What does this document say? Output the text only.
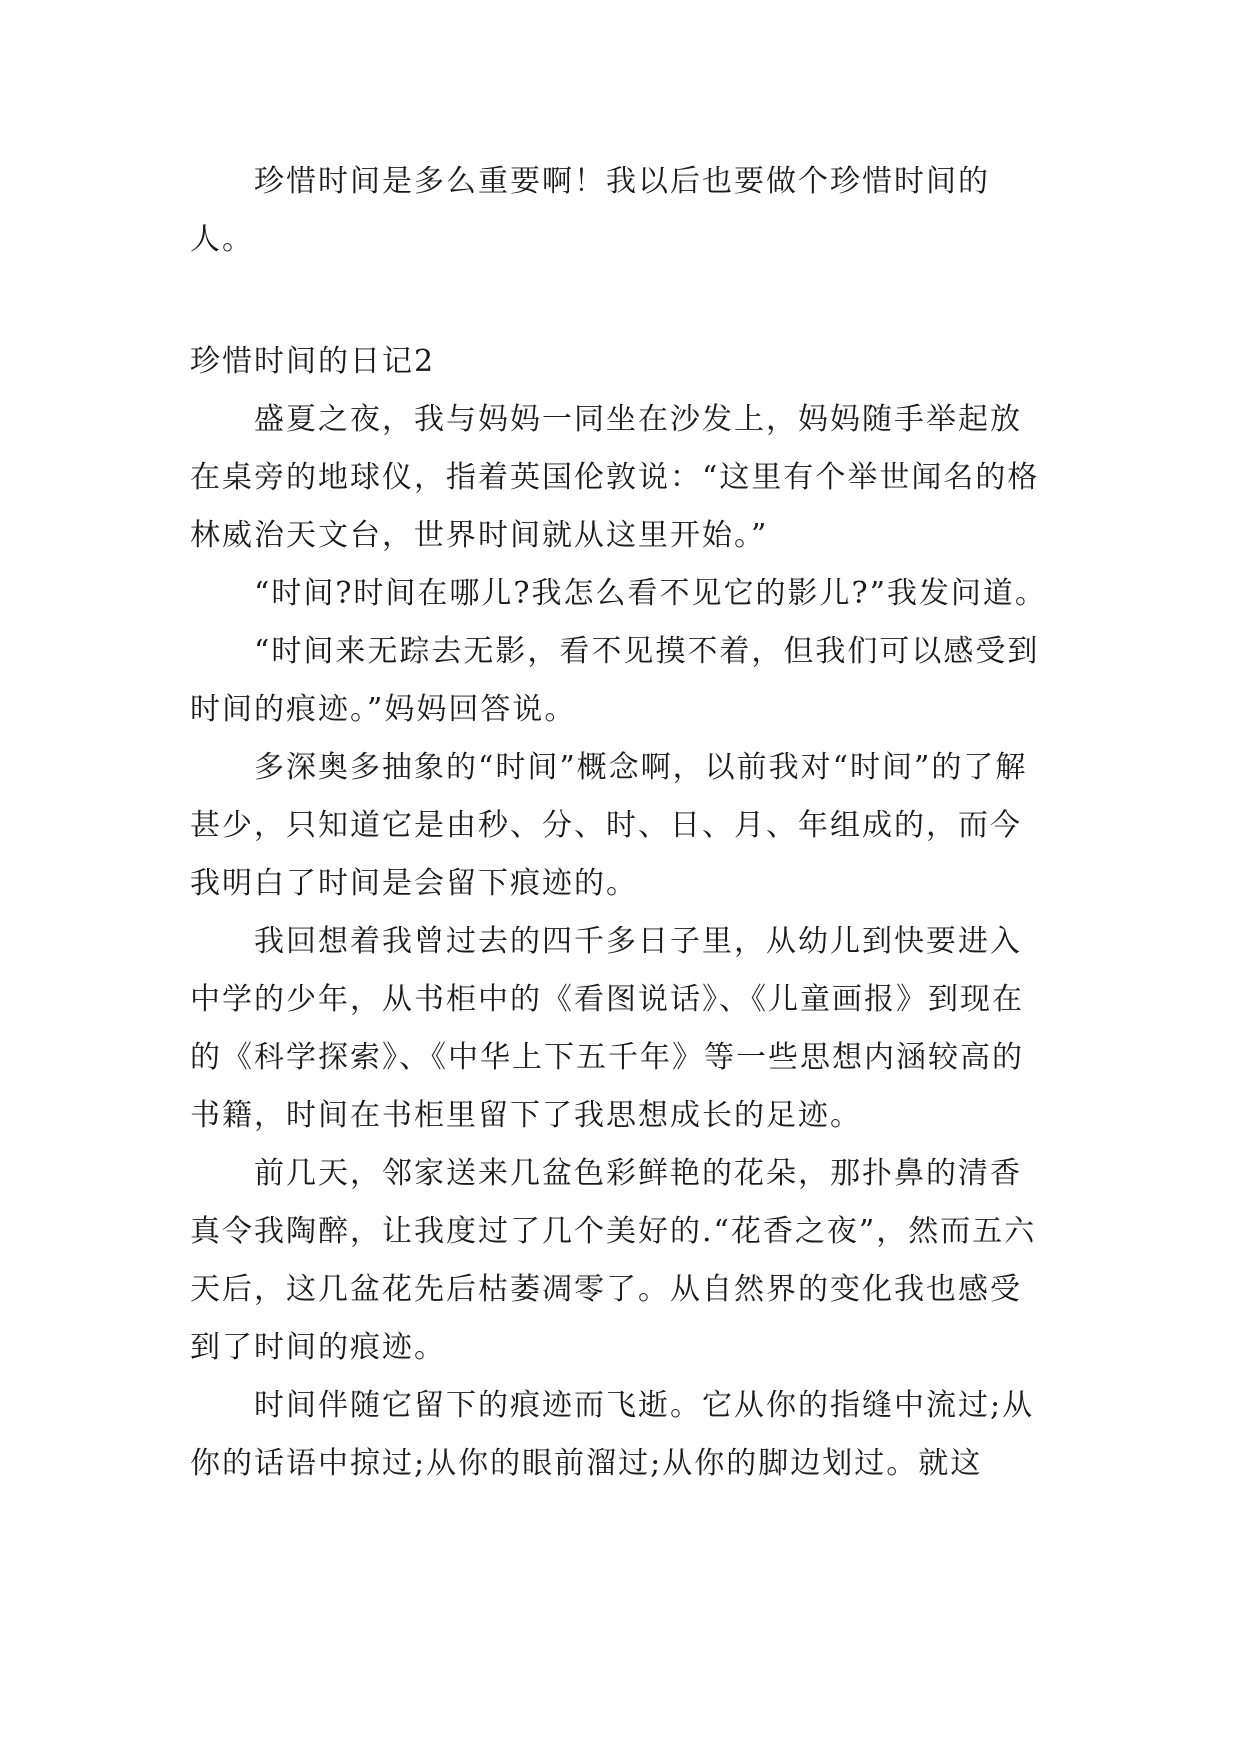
珍惜时间是多么重要啊！我以后也要做个珍惜时间的人。

珍惜时间的日记2

盛夏之夜，我与妈妈一同坐在沙发上，妈妈随手举起放在桌旁的地球仪，指着英国伦敦说：“这里有个举世闻名的格林威治天文台，世界时间就从这里开始。”

“时间?时间在哪儿?我怎么看不见它的影儿?”我发问道。

“时间来无踪去无影，看不见摸不着，但我们可以感受到时间的痕迹。”妈妈回答说。

多深奥多抽象的“时间”概念啊，以前我对“时间”的了解甚少，只知道它是由秒、分、时、日、月、年组成的，而今我明白了时间是会留下痕迹的。

我回想着我曾过去的四千多日子里，从幼儿到快要进入中学的少年，从书柜中的《看图说话》、《儿童画报》到现在的《科学探索》、《中华上下五千年》等一些思想内涵较高的书籍，时间在书柜里留下了我思想成长的足迹。

前几天，邻家送来几盆色彩鲜艳的花朵，那扑鼻的清香真令我陶醉，让我度过了几个美好的.“花香之夜”，然而五六天后，这几盆花先后枯萎凋零了。从自然界的变化我也感受到了时间的痕迹。

时间伴随它留下的痕迹而飞逝。它从你的指缝中流过;从你的话语中掠过;从你的眼前溜过;从你的脚边划过。就这
